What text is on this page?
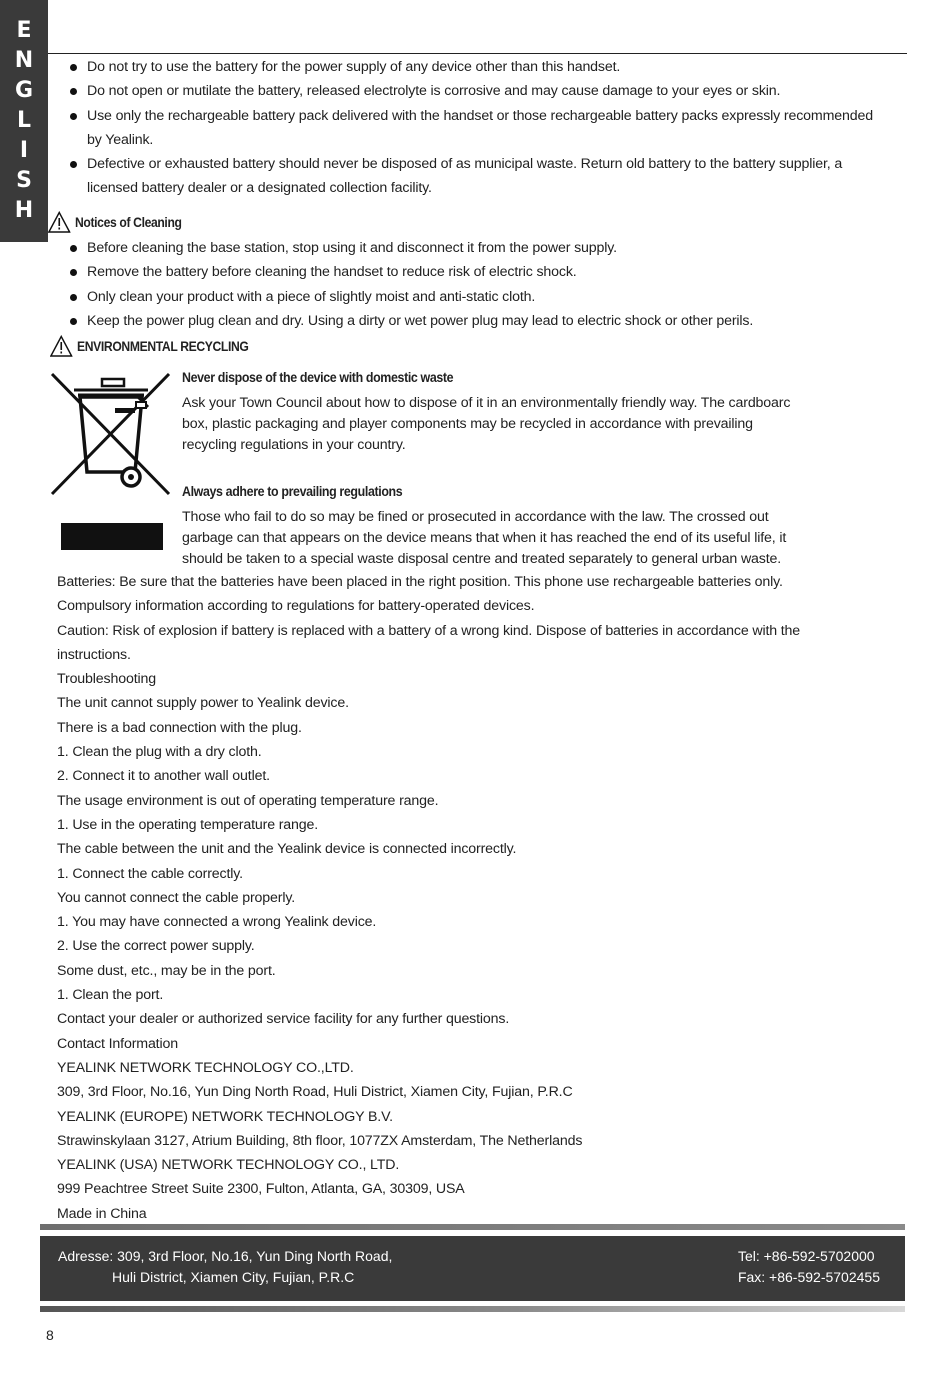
E
N
G
L
I
S
H
Do not try to use the battery for the power supply of any device other than this handset.
Do not open or mutilate the battery, released electrolyte is corrosive and may cause damage to your eyes or skin.
Use only the rechargeable battery pack delivered with the handset or those rechargeable battery packs expressly recommended
by Yealink.
Defective or exhausted battery should never be disposed of as municipal waste. Return old battery to the battery supplier, a
licensed battery dealer or a designated collection facility.
Notices of Cleaning
Before cleaning the base station, stop using it and disconnect it from the power supply.
Remove the battery before cleaning the handset to reduce risk of electric shock.
Only clean your product with a piece of slightly moist and anti-static cloth.
Keep the power plug clean and dry. Using a dirty or wet power plug may lead to electric shock or other perils.
ENVIRONMENTAL RECYCLING
Never dispose of the device with domestic waste
Ask your Town Council about how to dispose of it in an environmentally friendly way. The cardboarc
box, plastic packaging and player components may be recycled in accordance with prevailing
recycling regulations in your country.
Always adhere to prevailing regulations
Those who fail to do so may be fined or prosecuted in accordance with the law. The crossed out
garbage can that appears on the device means that when it has reached the end of its useful life, it
should be taken to a special waste disposal centre and treated separately to general urban waste.
Batteries: Be sure that the batteries have been placed in the right position. This phone use rechargeable batteries only.
Compulsory information according to regulations for battery-operated devices.
Caution: Risk of explosion if battery is replaced with a battery of a wrong kind. Dispose of batteries in accordance with the
instructions.
Troubleshooting
The unit cannot supply power to Yealink device.
There is a bad connection with the plug.
1. Clean the plug with a dry cloth.
2. Connect it to another wall outlet.
The usage environment is out of operating temperature range.
1. Use in the operating temperature range.
The cable between the unit and the Yealink device is connected incorrectly.
1. Connect the cable correctly.
You cannot connect the cable properly.
1. You may have connected a wrong Yealink device.
2. Use the correct power supply.
Some dust, etc., may be in the port.
1. Clean the port.
Contact your dealer or authorized service facility for any further questions.
Contact Information
YEALINK NETWORK TECHNOLOGY CO.,LTD.
309, 3rd Floor, No.16, Yun Ding North Road, Huli District, Xiamen City, Fujian, P.R.C
YEALINK (EUROPE) NETWORK TECHNOLOGY B.V.
Strawinskylaan 3127, Atrium Building, 8th floor, 1077ZX Amsterdam, The Netherlands
YEALINK (USA) NETWORK TECHNOLOGY CO., LTD.
999 Peachtree Street Suite 2300, Fulton, Atlanta, GA, 30309, USA
Made in China
Adresse: 309, 3rd Floor, No.16, Yun Ding North Road,
Huli District, Xiamen City, Fujian, P.R.C
Tel: +86-592-5702000
Fax: +86-592-5702455
8
